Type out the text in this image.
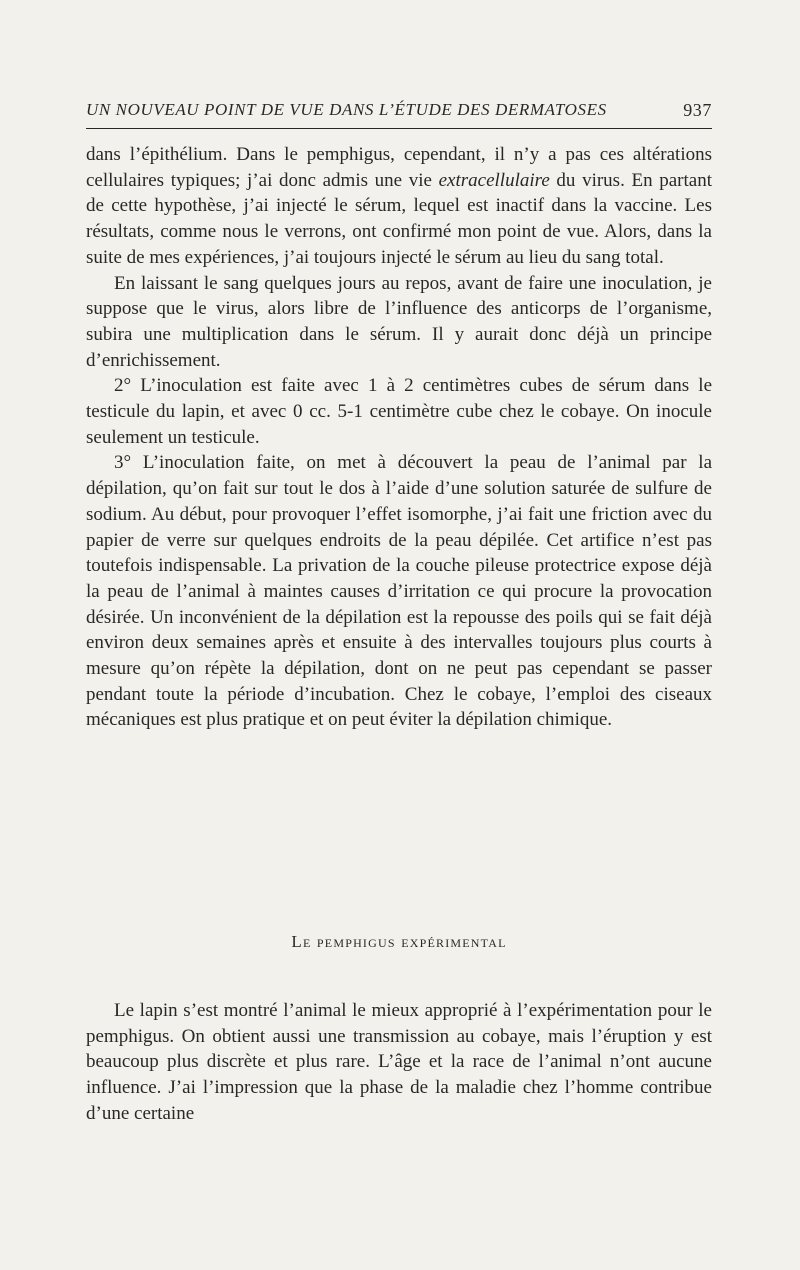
UN NOUVEAU POINT DE VUE DANS L’ÉTUDE DES DERMATOSES	937

dans l’épithélium. Dans le pemphigus, cependant, il n’y a pas ces altérations cellulaires typiques; j’ai donc admis une vie extracellulaire du virus. En partant de cette hypothèse, j’ai injecté le sérum, lequel est inactif dans la vaccine. Les résultats, comme nous le verrons, ont confirmé mon point de vue. Alors, dans la suite de mes expériences, j’ai toujours injecté le sérum au lieu du sang total.

En laissant le sang quelques jours au repos, avant de faire une inoculation, je suppose que le virus, alors libre de l’influence des anticorps de l’organisme, subira une multiplication dans le sérum. Il y aurait donc déjà un principe d’enrichissement.

2° L’inoculation est faite avec 1 à 2 centimètres cubes de sérum dans le testicule du lapin, et avec 0 cc. 5-1 centimètre cube chez le cobaye. On inocule seulement un testicule.

3° L’inoculation faite, on met à découvert la peau de l’animal par la dépilation, qu’on fait sur tout le dos à l’aide d’une solution saturée de sulfure de sodium. Au début, pour provoquer l’effet isomorphe, j’ai fait une friction avec du papier de verre sur quelques endroits de la peau dépilée. Cet artifice n’est pas toutefois indispensable. La privation de la couche pileuse protectrice expose déjà la peau de l’animal à maintes causes d’irritation ce qui procure la provocation désirée. Un inconvénient de la dépilation est la repousse des poils qui se fait déjà environ deux semaines après et ensuite à des intervalles toujours plus courts à mesure qu’on répète la dépilation, dont on ne peut pas cependant se passer pendant toute la période d’incubation. Chez le cobaye, l’emploi des ciseaux mécaniques est plus pratique et on peut éviter la dépilation chimique.

Le pemphigus expérimental

Le lapin s’est montré l’animal le mieux approprié à l’expérimentation pour le pemphigus. On obtient aussi une transmission au cobaye, mais l’éruption y est beaucoup plus discrète et plus rare. L’âge et la race de l’animal n’ont aucune influence. J’ai l’impression que la phase de la maladie chez l’homme contribue d’une certaine
